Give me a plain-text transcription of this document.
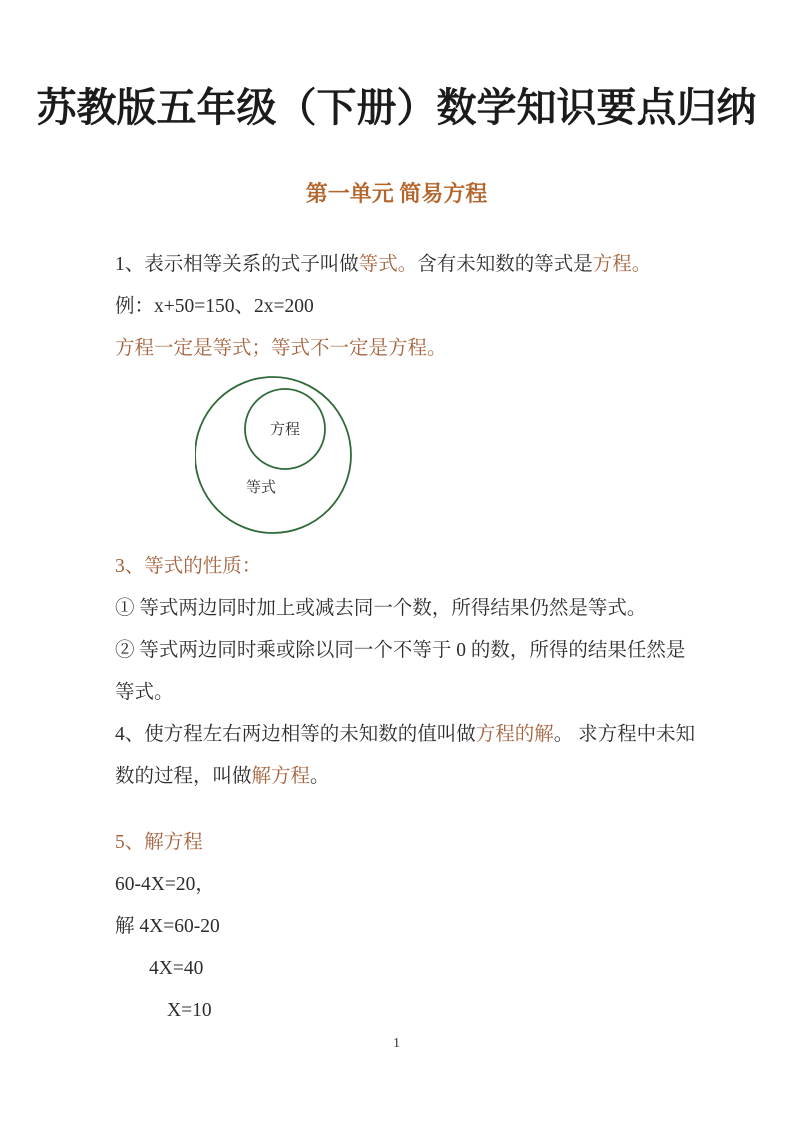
苏教版五年级（下册）数学知识要点归纳
第一单元 简易方程
1、表示相等关系的式子叫做等式。含有未知数的等式是方程。
例：x+50=150、2x=200
方程一定是等式；等式不一定是方程。
方程
等式
3、等式的性质：
① 等式两边同时加上或减去同一个数，所得结果仍然是等式。
② 等式两边同时乘或除以同一个不等于 0 的数，所得的结果任然是
等式。
4、使方程左右两边相等的未知数的值叫做方程的解。 求方程中未知
数的过程，叫做解方程。
5、解方程
60-4X=20，
解 4X=60-20
4X=40
X=10
1
